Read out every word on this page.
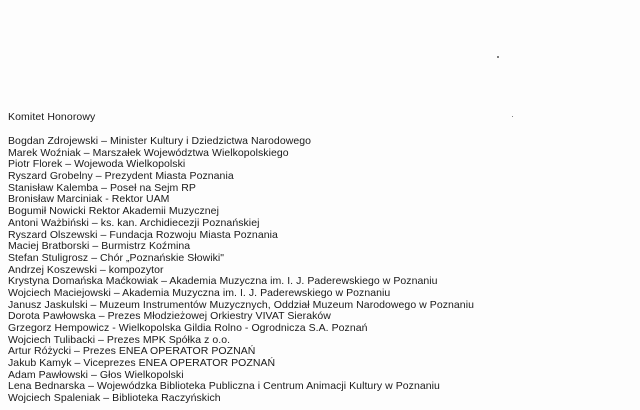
Komitet Honorowy
Bogdan Zdrojewski – Minister Kultury i Dziedzictwa Narodowego
Marek Woźniak – Marszałek Województwa Wielkopolskiego
Piotr Florek – Wojewoda Wielkopolski
Ryszard Grobelny – Prezydent Miasta Poznania
Stanisław Kalemba – Poseł na Sejm RP
Bronisław Marciniak - Rektor UAM
Bogumił Nowicki Rektor Akademii Muzycznej
Antoni Ważbiński – ks. kan. Archidiecezji Poznańskiej
Ryszard Olszewski – Fundacja Rozwoju Miasta Poznania
Maciej Bratborski – Burmistrz Koźmina
Stefan Stuligrosz – Chór „Poznańskie Słowiki"
Andrzej Koszewski – kompozytor
Krystyna Domańska Maćkowiak – Akademia Muzyczna im. I. J. Paderewskiego w Poznaniu
Wojciech Maciejowski – Akademia Muzyczna im. I. J. Paderewskiego w Poznaniu
Janusz Jaskulski – Muzeum Instrumentów Muzycznych, Oddział Muzeum Narodowego w Poznaniu
Dorota Pawłowska – Prezes Młodzieżowej Orkiestry VIVAT Sieraków
Grzegorz Hempowicz - Wielkopolska Gildia Rolno - Ogrodnicza S.A. Poznań
Wojciech Tulibacki – Prezes MPK Spółka z o.o.
Artur Różycki – Prezes ENEA OPERATOR POZNAŃ
Jakub Kamyk – Viceprezes ENEA OPERATOR POZNAŃ
Adam Pawłowski – Głos Wielkopolski
Lena Bednarska – Wojewódzka Biblioteka Publiczna i Centrum Animacji Kultury w Poznaniu
Wojciech Spaleniak – Biblioteka Raczyńskich
